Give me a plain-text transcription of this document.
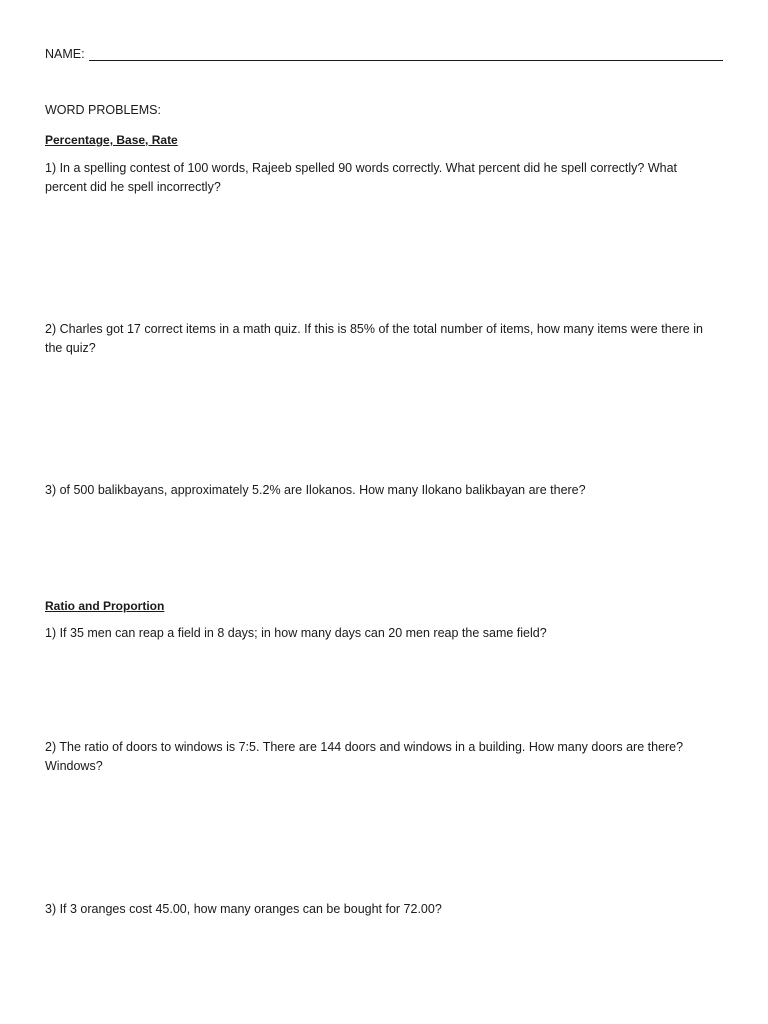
NAME:
WORD PROBLEMS:
Percentage, Base, Rate

1) In a spelling contest of 100 words, Rajeeb spelled 90 words correctly. What percent did he spell correctly? What percent did he spell incorrectly?

2) Charles got 17 correct items in a math quiz. If this is 85% of the total number of items, how many items were there in the quiz?

3) of 500 balikbayans, approximately 5.2% are Ilokanos. How many Ilokano balikbayan are there?

Ratio and Proportion

1) If 35 men can reap a field in 8 days; in how many days can 20 men reap the same field?

2) The ratio of doors to windows is 7:5. There are 144 doors and windows in a building. How many doors are there? Windows?

3) If 3 oranges cost 45.00, how many oranges can be bought for 72.00?
